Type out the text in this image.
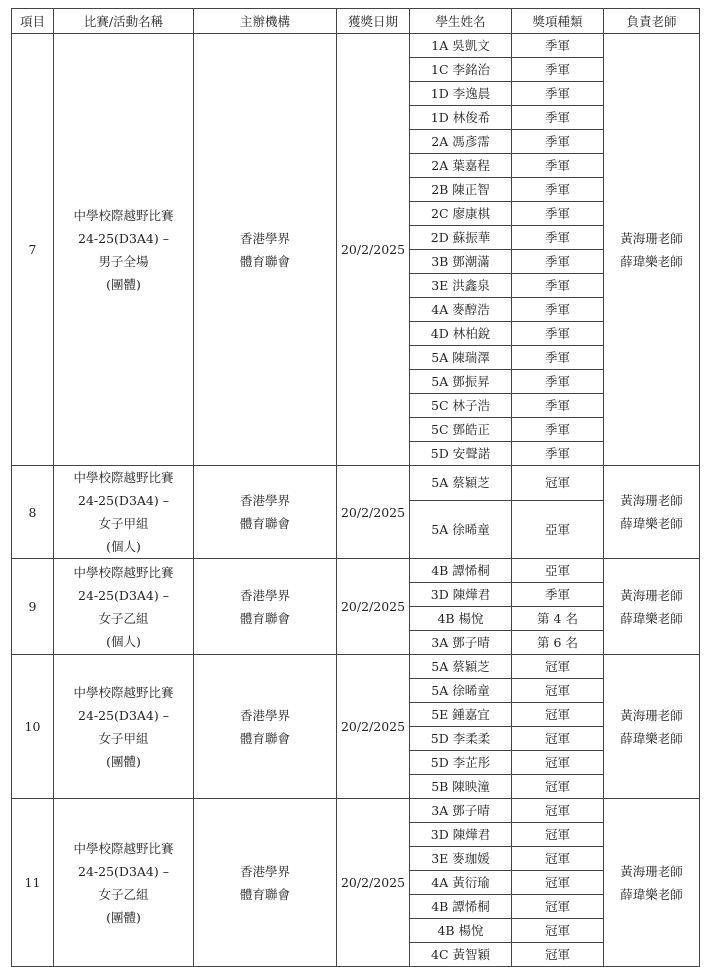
項目	比賽/活動名稱	主辦機構	獲獎日期	學生姓名	獎項種類	負責老師
7	中學校際越野比賽
24-25(D3A4) –
男子全場
(團體)	香港學界
體育聯會	20/2/2025	1A 吳凱文	季軍	黃海珊老師
薛瑋樂老師

				1C 李銘治	季軍	
				1D 李逸晨	季軍	
				1D 林俊希	季軍	
				2A 馮彥霈	季軍	
				2A 葉嘉程	季軍	
				2B 陳正智	季軍	
				2C 廖康棋	季軍	
				2D 蘇振華	季軍	
				3B 鄧潮滿	季軍	
				3E 洪鑫泉	季軍	
				4A 麥醇浩	季軍	
				4D 林柏銳	季軍	
				5A 陳瑞澤	季軍	
				5A 鄧振昇	季軍	
				5C 林子浩	季軍	
				5C 鄧皓正	季軍	
				5D 安聲諾	季軍	
8	中學校際越野比賽
24-25(D3A4) –
女子甲組
(個人)	香港學界
體育聯會	20/2/2025	5A 蔡穎芝	冠軍	黃海珊老師
薛瑋樂老師

				5A 徐晞童	亞軍	
9	中學校際越野比賽
24-25(D3A4) –
女子乙組
(個人)	香港學界
體育聯會	20/2/2025	4B 譚悕桐	亞軍	黃海珊老師
薛瑋樂老師

				3D 陳燁君	季軍	
				4B 楊悅	第 4 名	
				3A 鄧子晴	第 6 名	
10	中學校際越野比賽
24-25(D3A4) –
女子甲組
(團體)	香港學界
體育聯會	20/2/2025	5A 蔡穎芝	冠軍	黃海珊老師
薛瑋樂老師

				5A 徐晞童	冠軍	
				5E 鍾嘉宜	冠軍	
				5D 李柔柔	冠軍	
				5D 李芷彤	冠軍	
				5B 陳映潼	冠軍	
11	中學校際越野比賽
24-25(D3A4) –
女子乙組
(團體)	香港學界
體育聯會	20/2/2025	3A 鄧子晴	冠軍	黃海珊老師
薛瑋樂老師

				3D 陳燁君	冠軍	
				3E 麥珈媛	冠軍	
				4A 黃衍瑜	冠軍	
				4B 譚悕桐	冠軍	
				4B 楊悅	冠軍	
				4C 黃智穎	冠軍	
